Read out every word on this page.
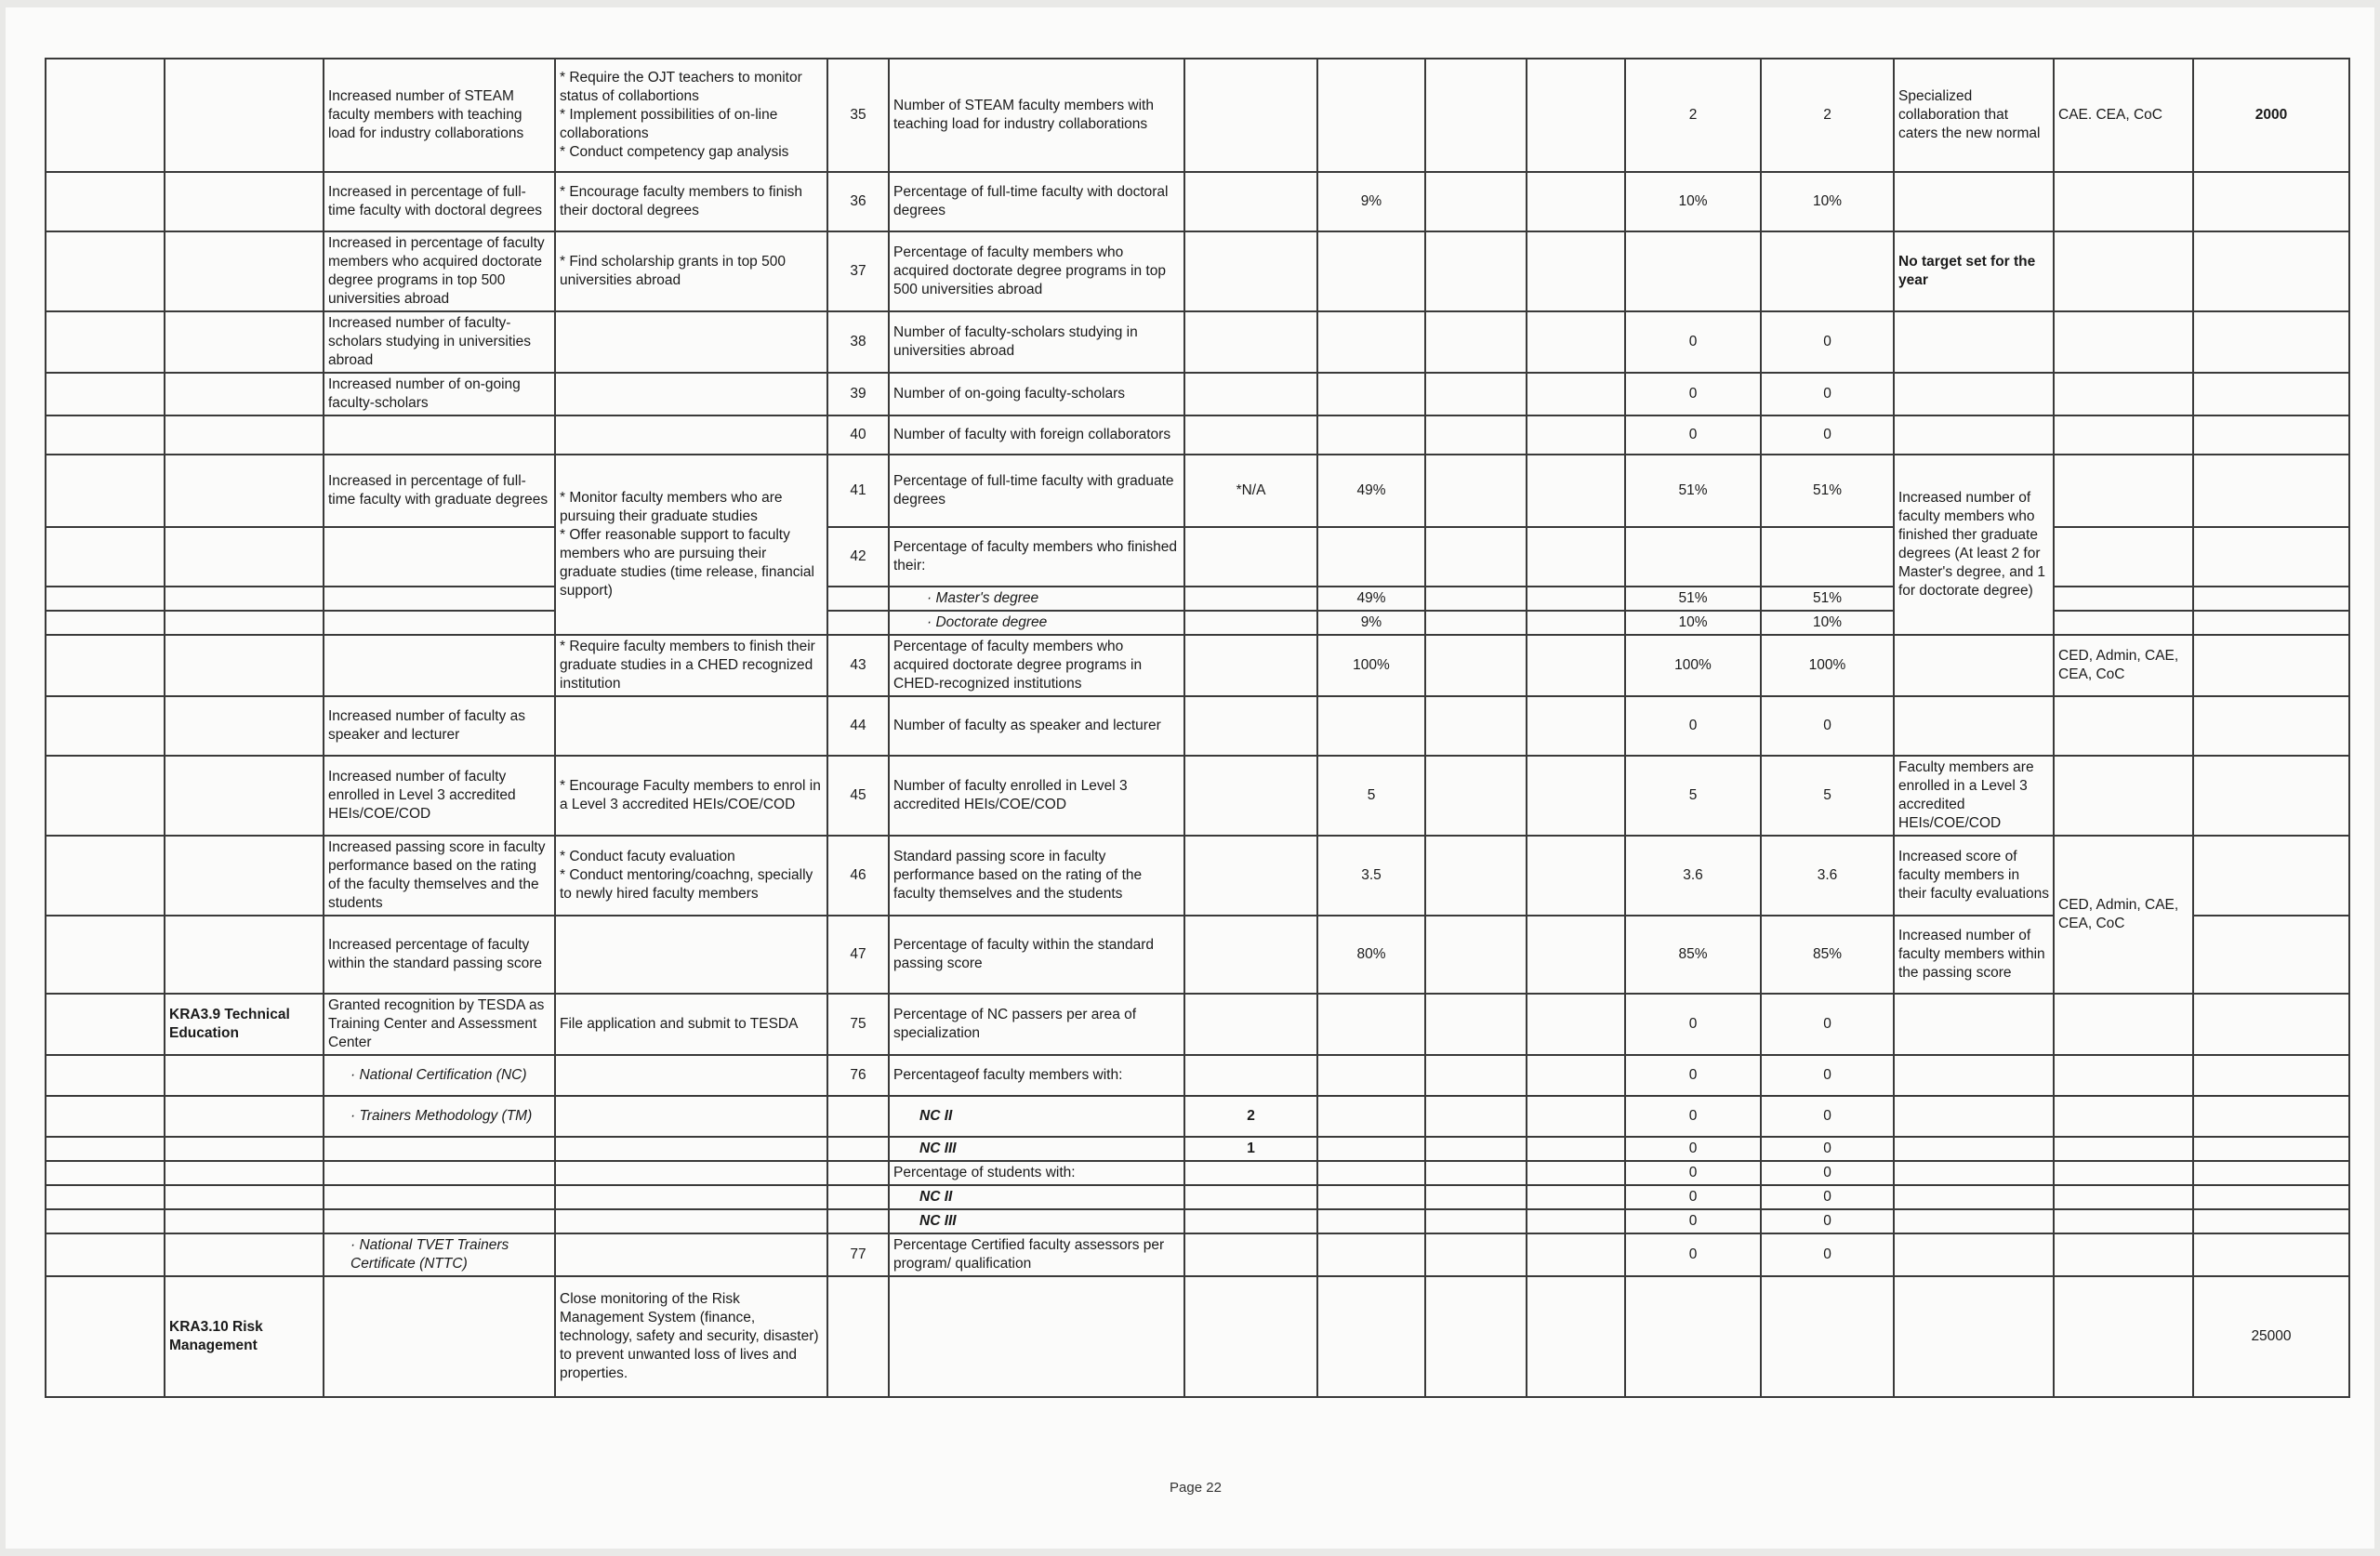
		Increased number of STEAM faculty members with teaching load for industry collaborations	* Require the OJT teachers to monitor status of collabortions
* Implement possibilities of on-line collaborations
* Conduct competency gap analysis	35	Number of STEAM faculty members with teaching load for industry collaborations					2	2	Specialized collaboration that caters the new normal	CAE. CEA, CoC	2000
		Increased in percentage of full-time faculty with doctoral degrees	* Encourage faculty members to finish their doctoral degrees	36	Percentage of full-time faculty with doctoral degrees		9%			10%	10%			
		Increased in percentage of faculty members who acquired doctorate degree programs in top 500 universities abroad	* Find scholarship grants in top 500 universities abroad	37	Percentage of faculty members who acquired doctorate degree programs in top 500 universities abroad							No target set for the year		
		Increased number of faculty-scholars studying in universities abroad		38	Number of faculty-scholars studying in universities abroad					0	0			
		Increased number of on-going faculty-scholars		39	Number of on-going faculty-scholars					0	0			
				40	Number of faculty with foreign collaborators					0	0			
		Increased in percentage of full-time faculty with graduate degrees	* Monitor faculty members who are pursuing their graduate studies
* Offer reasonable support to faculty members who are pursuing their graduate studies (time release, financial support)	41	Percentage of full-time faculty with graduate degrees	*N/A	49%			51%	51%	Increased number of faculty members who finished ther graduate degrees (At least 2 for Master's degree, and 1 for doctorate degree)		
				42	Percentage of faculty members who finished their:									
					· Master's degree		49%			51%	51%			
					· Doctorate degree		9%			10%	10%			
			* Require faculty members to finish their graduate studies in a CHED recognized institution	43	Percentage of faculty members who acquired doctorate degree programs in CHED-recognized institutions		100%			100%	100%		CED, Admin, CAE, CEA, CoC	
		Increased number of faculty as speaker and lecturer		44	Number of faculty as speaker and lecturer					0	0			
		Increased number of faculty enrolled in Level 3 accredited HEIs/COE/COD	* Encourage Faculty members to enrol in a Level 3 accredited HEIs/COE/COD	45	Number of faculty enrolled in Level 3 accredited HEIs/COE/COD		5			5	5	Faculty members are enrolled in a Level 3 accredited HEIs/COE/COD		
		Increased passing score in faculty performance based on the rating of the faculty themselves and the students	* Conduct facuty evaluation
* Conduct mentoring/coachng, specially to newly hired faculty members	46	Standard passing score in faculty performance based on the rating of the faculty themselves and the students		3.5			3.6	3.6	Increased score of faculty members in their faculty evaluations	CED, Admin, CAE, CEA, CoC	
		Increased percentage of faculty within the standard passing score		47	Percentage of faculty within the standard passing score		80%			85%	85%	Increased number of faculty members within the passing score		
	KRA3.9 Technical Education	Granted recognition by TESDA as Training Center and Assessment Center	File application and submit to TESDA	75	Percentage of NC passers per area of specialization					0	0			
		· National Certification (NC)		76	Percentageof faculty members with:					0	0			
		· Trainers Methodology (TM)			NC II	2				0	0			
					NC III	1				0	0			
					Percentage of students with:					0	0			
					NC II					0	0			
					NC III					0	0			
		· National TVET Trainers Certificate (NTTC)		77	Percentage Certified faculty assessors per program/ qualification					0	0			
	KRA3.10 Risk Management		Close monitoring of the Risk Management System (finance, technology, safety and security, disaster) to prevent unwanted loss of lives and properties.											25000
Page 22
